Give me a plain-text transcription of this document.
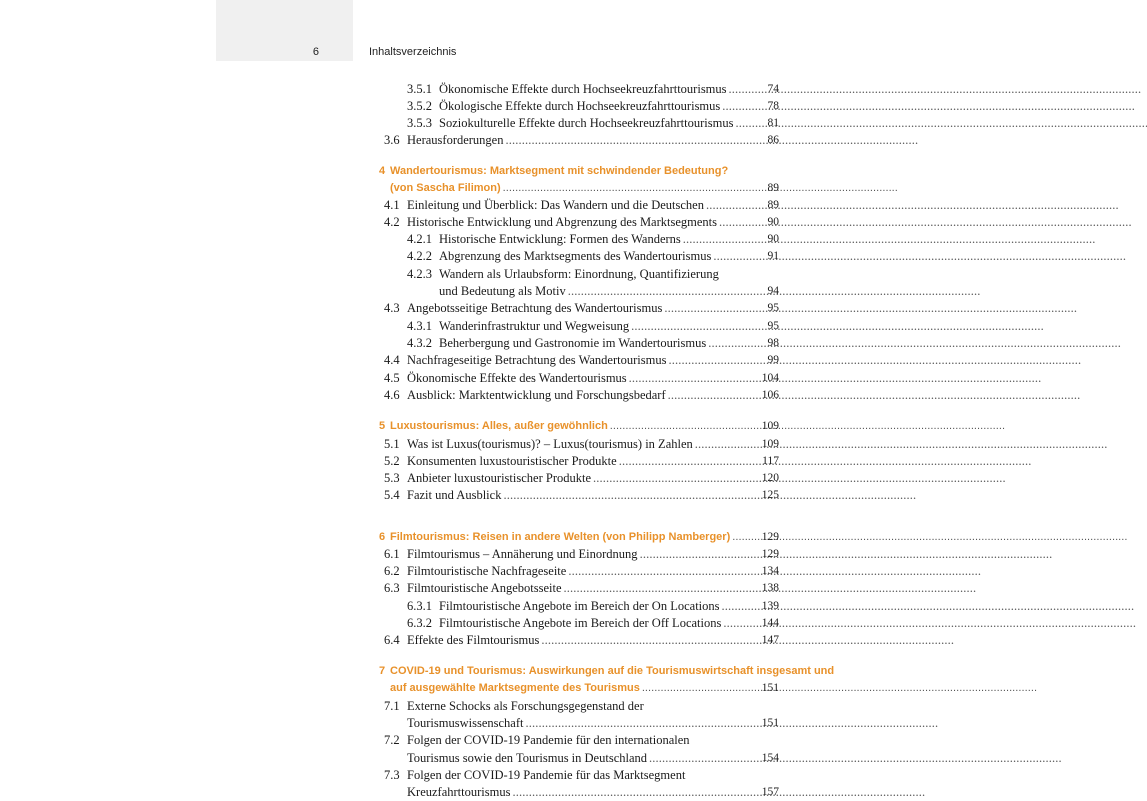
6	Inhaltsverzeichnis
3.5.1 Ökonomische Effekte durch Hochseekreuzfahrttourismus . . .	74
3.5.2 Ökologische Effekte durch Hochseekreuzfahrttourismus . . .	78
3.5.3 Soziokulturelle Effekte durch Hochseekreuzfahrttourismus . . .	81
3.6 Herausforderungen . . .	86
4 Wandertourismus: Marktsegment mit schwindender Bedeutung?
(von Sascha Filimon) . . .	89
4.1 Einleitung und Überblick: Das Wandern und die Deutschen . . .	89
4.2 Historische Entwicklung und Abgrenzung des Marktsegments . . .	90
4.2.1 Historische Entwicklung: Formen des Wanderns . . .	90
4.2.2 Abgrenzung des Marktsegments des Wandertourismus . . .	91
4.2.3 Wandern als Urlaubsform: Einordnung, Quantifizierung
und Bedeutung als Motiv . . .	94
4.3 Angebotsseitige Betrachtung des Wandertourismus . . .	95
4.3.1 Wanderinfrastruktur und Wegweisung . . .	95
4.3.2 Beherbergung und Gastronomie im Wandertourismus . . .	98
4.4 Nachfrageseitige Betrachtung des Wandertourismus . . .	99
4.5 Ökonomische Effekte des Wandertourismus . . .	104
4.6 Ausblick: Marktentwicklung und Forschungsbedarf . . .	106
5 Luxustourismus: Alles, außer gewöhnlich . . .	109
5.1 Was ist Luxus(tourismus)? – Luxus(tourismus) in Zahlen . . .	109
5.2 Konsumenten luxustouristischer Produkte . . .	117
5.3 Anbieter luxustouristischer Produkte . . .	120
5.4 Fazit und Ausblick . . .	125
6 Filmtourismus: Reisen in andere Welten (von Philipp Namberger) . . .	129
6.1 Filmtourismus – Annäherung und Einordnung . . .	129
6.2 Filmtouristische Nachfrageseite . . .	134
6.3 Filmtouristische Angebotsseite . . .	138
6.3.1 Filmtouristische Angebote im Bereich der On Locations . . .	139
6.3.2 Filmtouristische Angebote im Bereich der Off Locations . . .	144
6.4 Effekte des Filmtourismus . . .	147
7 COVID-19 und Tourismus: Auswirkungen auf die Tourismuswirtschaft insgesamt und
auf ausgewählte Marktsegmente des Tourismus . . .	151
7.1 Externe Schocks als Forschungsgegenstand der
Tourismuswissenschaft . . .	151
7.2 Folgen der COVID-19 Pandemie für den internationalen
Tourismus sowie den Tourismus in Deutschland . . .	154
7.3 Folgen der COVID-19 Pandemie für das Marktsegment
Kreuzfahrttourismus . . .	157
